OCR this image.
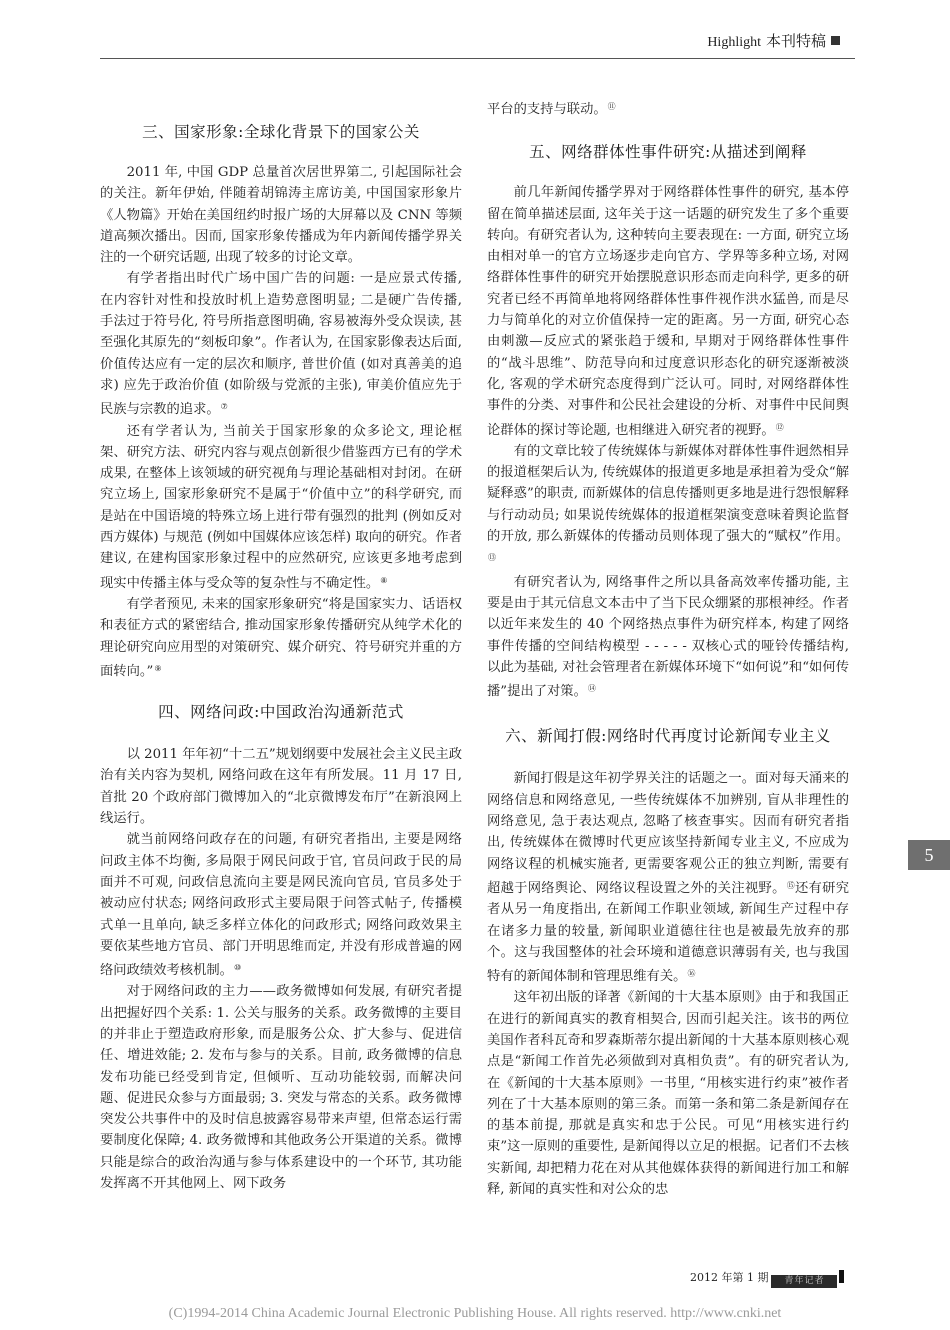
Highlight 本刊特稿
三、国家形象:全球化背景下的国家公关

2011 年, 中国 GDP 总量首次居世界第二, 引起国际社会的关注。新年伊始, 伴随着胡锦涛主席访美, 中国国家形象片《人物篇》开始在美国纽约时报广场的大屏幕以及 CNN 等频道高频次播出。因而, 国家形象传播成为年内新闻传播学界关注的一个研究话题, 出现了较多的讨论文章。

有学者指出时代广场中国广告的问题: 一是应景式传播, 在内容针对性和投放时机上造势意图明显; 二是硬广告传播, 手法过于符号化, 符号所指意图明确, 容易被海外受众误读, 甚至强化其原先的“刻板印象”。作者认为, 在国家影像表达后面, 价值传达应有一定的层次和顺序, 普世价值 (如对真善美的追求) 应先于政治价值 (如阶级与党派的主张), 审美价值应先于民族与宗教的追求。⑦

还有学者认为, 当前关于国家形象的众多论文, 理论框架、研究方法、研究内容与观点创新很少借鉴西方已有的学术成果, 在整体上该领域的研究视角与理论基础相对封闭。在研究立场上, 国家形象研究不是属于“价值中立”的科学研究, 而是站在中国语境的特殊立场上进行带有强烈的批判 (例如反对西方媒体) 与规范 (例如中国媒体应该怎样) 取向的研究。作者建议, 在建构国家形象过程中的应然研究, 应该更多地考虑到现实中传播主体与受众等的复杂性与不确定性。⑧

有学者预见, 未来的国家形象研究“将是国家实力、话语权和表征方式的紧密结合, 推动国家形象传播研究从纯学术化的理论研究向应用型的对策研究、媒介研究、符号研究并重的方面转向。”⑨

四、网络问政:中国政治沟通新范式

以 2011 年年初“十二五”规划纲要中发展社会主义民主政治有关内容为契机, 网络问政在这年有所发展。11 月 17 日, 首批 20 个政府部门微博加入的“北京微博发布厅”在新浪网上线运行。

就当前网络问政存在的问题, 有研究者指出, 主要是网络问政主体不均衡, 多局限于网民问政于官, 官员问政于民的局面并不可观, 问政信息流向主要是网民流向官员, 官员多处于被动应付状态; 网络问政形式主要局限于问答式帖子, 传播模式单一且单向, 缺乏多样立体化的问政形式; 网络问政效果主要依某些地方官员、部门开明思维而定, 并没有形成普遍的网络问政绩效考核机制。⑩

对于网络问政的主力——政务微博如何发展, 有研究者提出把握好四个关系: 1. 公关与服务的关系。政务微博的主要目的并非止于塑造政府形象, 而是服务公众、扩大参与、促进信任、增进效能; 2. 发布与参与的关系。目前, 政务微博的信息发布功能已经受到肯定, 但倾听、互动功能较弱, 而解决问题、促进民众参与方面最弱; 3. 突发与常态的关系。政务微博突发公共事件中的及时信息披露容易带来声望, 但常态运行需要制度化保障; 4. 政务微博和其他政务公开渠道的关系。微博只能是综合的政治沟通与参与体系建设中的一个环节, 其功能发挥离不开其他网上、网下政务

平台的支持与联动。⑪

五、网络群体性事件研究:从描述到阐释

前几年新闻传播学界对于网络群体性事件的研究, 基本停留在简单描述层面, 这年关于这一话题的研究发生了多个重要转向。有研究者认为, 这种转向主要表现在: 一方面, 研究立场由相对单一的官方立场逐步走向官方、学界等多种立场, 对网络群体性事件的研究开始摆脱意识形态而走向科学, 更多的研究者已经不再简单地将网络群体性事件视作洪水猛兽, 而是尽力与简单化的对立价值保持一定的距离。另一方面, 研究心态由刺激—反应式的紧张趋于缓和, 早期对于网络群体性事件的“战斗思维”、防范导向和过度意识形态化的研究逐渐被淡化, 客观的学术研究态度得到广泛认可。同时, 对网络群体性事件的分类、对事件和公民社会建设的分析、对事件中民间舆论群体的探讨等论题, 也相继进入研究者的视野。⑫

有的文章比较了传统媒体与新媒体对群体性事件迥然相异的报道框架后认为, 传统媒体的报道更多地是承担着为受众“解疑释惑”的职责, 而新媒体的信息传播则更多地是进行怨恨解释与行动动员; 如果说传统媒体的报道框架演变意味着舆论监督的开放, 那么新媒体的传播动员则体现了强大的“赋权”作用。⑬

有研究者认为, 网络事件之所以具备高效率传播功能, 主要是由于其元信息文本击中了当下民众绷紧的那根神经。作者以近年来发生的 40 个网络热点事件为研究样本, 构建了网络事件传播的空间结构模型 - - - - - 双核心式的哑铃传播结构, 以此为基础, 对社会管理者在新媒体环境下“如何说”和“如何传播”提出了对策。⑭

六、新闻打假:网络时代再度讨论新闻专业主义

新闻打假是这年初学界关注的话题之一。面对每天涌来的网络信息和网络意见, 一些传统媒体不加辨别, 盲从非理性的网络意见, 急于表达观点, 忽略了核查事实。因而有研究者指出, 传统媒体在微博时代更应该坚持新闻专业主义, 不应成为网络议程的机械实施者, 更需要客观公正的独立判断, 需要有超越于网络舆论、网络议程设置之外的关注视野。⑮还有研究者从另一角度指出, 在新闻工作职业领域, 新闻生产过程中存在诸多力量的较量, 新闻职业道德往往也是被最先放弃的那个。这与我国整体的社会环境和道德意识薄弱有关, 也与我国特有的新闻体制和管理思维有关。⑯

这年初出版的译著《新闻的十大基本原则》由于和我国正在进行的新闻真实的教育相契合, 因而引起关注。该书的两位美国作者科瓦奇和罗森斯蒂尔提出新闻的十大基本原则核心观点是“新闻工作首先必须做到对真相负责”。有的研究者认为, 在《新闻的十大基本原则》一书里, “用核实进行约束”被作者列在了十大基本原则的第三条。而第一条和第二条是新闻存在的基本前提, 那就是真实和忠于公民。可见“用核实进行约束”这一原则的重要性, 是新闻得以立足的根据。记者们不去核实新闻, 却把精力花在对从其他媒体获得的新闻进行加工和解释, 新闻的真实性和对公众的忠

5
2012 年第 1 期 青年记者
(C)1994-2014 China Academic Journal Electronic Publishing House. All rights reserved. http://www.cnki.net
